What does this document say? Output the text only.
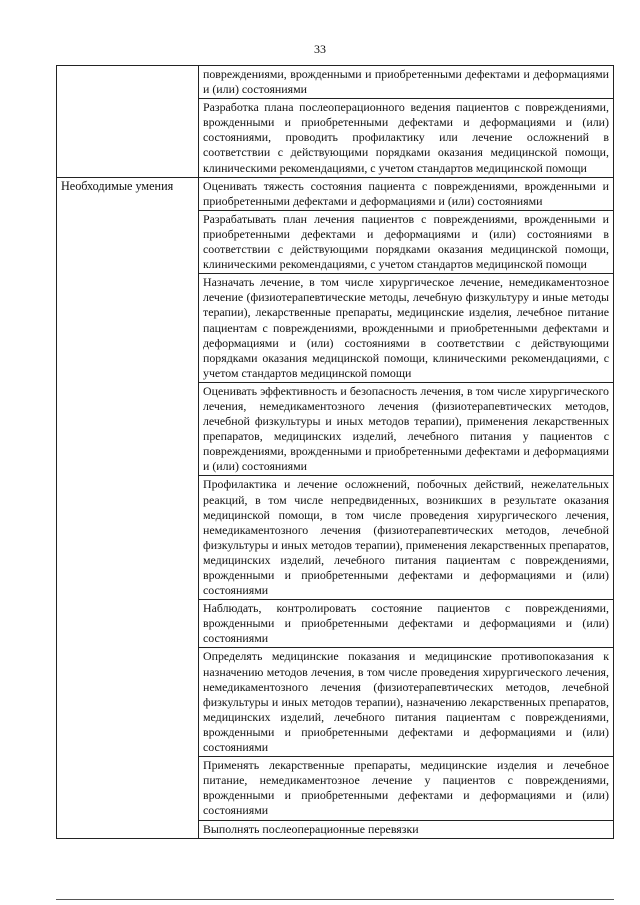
33
повреждениями, врожденными и приобретенными дефектами и деформациями и (или) состояниями
Разработка плана послеоперационного ведения пациентов с повреждениями, врожденными и приобретенными дефектами и деформациями и (или) состояниями, проводить профилактику или лечение осложнений в соответствии с действующими порядками оказания медицинской помощи, клиническими рекомендациями, с учетом стандартов медицинской помощи
Необходимые умения	Оценивать тяжесть состояния пациента с повреждениями, врожденными и приобретенными дефектами и деформациями и (или) состояниями
Разрабатывать план лечения пациентов с повреждениями, врожденными и приобретенными дефектами и деформациями и (или) состояниями в соответствии с действующими порядками оказания медицинской помощи, клиническими рекомендациями, с учетом стандартов медицинской помощи
Назначать лечение, в том числе хирургическое лечение, немедикаментозное лечение (физиотерапевтические методы, лечебную физкультуру и иные методы терапии), лекарственные препараты, медицинские изделия, лечебное питание пациентам с повреждениями, врожденными и приобретенными дефектами и деформациями и (или) состояниями в соответствии с действующими порядками оказания медицинской помощи, клиническими рекомендациями, с учетом стандартов медицинской помощи
Оценивать эффективность и безопасность лечения, в том числе хирургического лечения, немедикаментозного лечения (физиотерапевтических методов, лечебной физкультуры и иных методов терапии), применения лекарственных препаратов, медицинских изделий, лечебного питания у пациентов с повреждениями, врожденными и приобретенными дефектами и деформациями и (или) состояниями
Профилактика и лечение осложнений, побочных действий, нежелательных реакций, в том числе непредвиденных, возникших в результате оказания медицинской помощи, в том числе проведения хирургического лечения, немедикаментозного лечения (физиотерапевтических методов, лечебной физкультуры и иных методов терапии), применения лекарственных препаратов, медицинских изделий, лечебного питания пациентам с повреждениями, врожденными и приобретенными дефектами и деформациями и (или) состояниями
Наблюдать, контролировать состояние пациентов с повреждениями, врожденными и приобретенными дефектами и деформациями и (или) состояниями
Определять медицинские показания и медицинские противопоказания к назначению методов лечения, в том числе проведения хирургического лечения, немедикаментозного лечения (физиотерапевтических методов, лечебной физкультуры и иных методов терапии), назначению лекарственных препаратов, медицинских изделий, лечебного питания пациентам с повреждениями, врожденными и приобретенными дефектами и деформациями и (или) состояниями
Применять лекарственные препараты, медицинские изделия и лечебное питание, немедикаментозное лечение у пациентов с повреждениями, врожденными и приобретенными дефектами и деформациями и (или) состояниями
Выполнять послеоперационные перевязки
